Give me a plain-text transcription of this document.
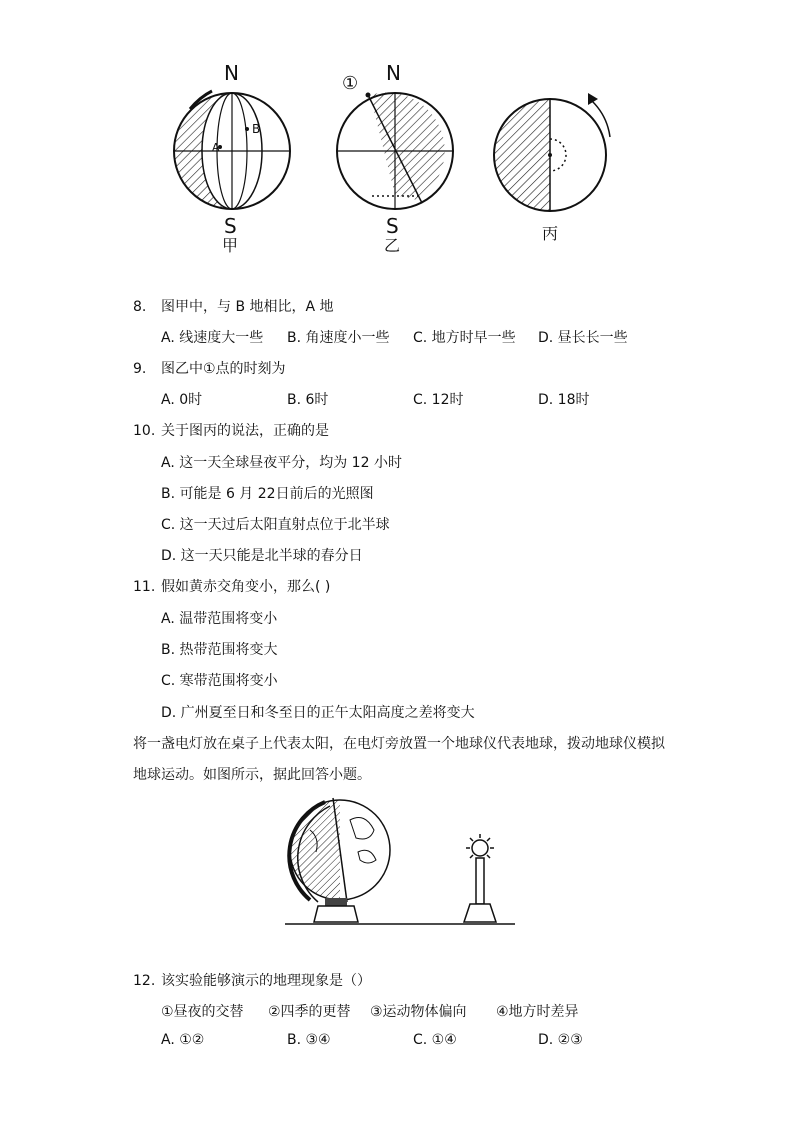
N
S
A
B
甲
① N
S
乙
丙
8. 图甲中，与 B 地相比，A 地
A. 线速度大一些 B. 角速度小一些 C. 地方时早一些 D. 昼长长一些
9. 图乙中①点的时刻为
A. 0时	B. 6时	C. 12时	D. 18时
10. 关于图丙的说法，正确的是
A. 这一天全球昼夜平分，均为 12 小时
B. 可能是 6 月 22日前后的光照图
C. 这一天过后太阳直射点位于北半球
D. 这一天只能是北半球的春分日
11. 假如黄赤交角变小，那么( )
A. 温带范围将变小
B. 热带范围将变大
C. 寒带范围将变小
D. 广州夏至日和冬至日的正午太阳高度之差将变大
将一盏电灯放在桌子上代表太阳，在电灯旁放置一个地球仪代表地球，拨动地球仪模拟
地球运动。如图所示，据此回答小题。
12. 该实验能够演示的地理现象是（）
①昼夜的交替 ②四季的更替 ③运动物体偏向 ④地方时差异
A. ①②	B. ③④	C. ①④	D. ②③
